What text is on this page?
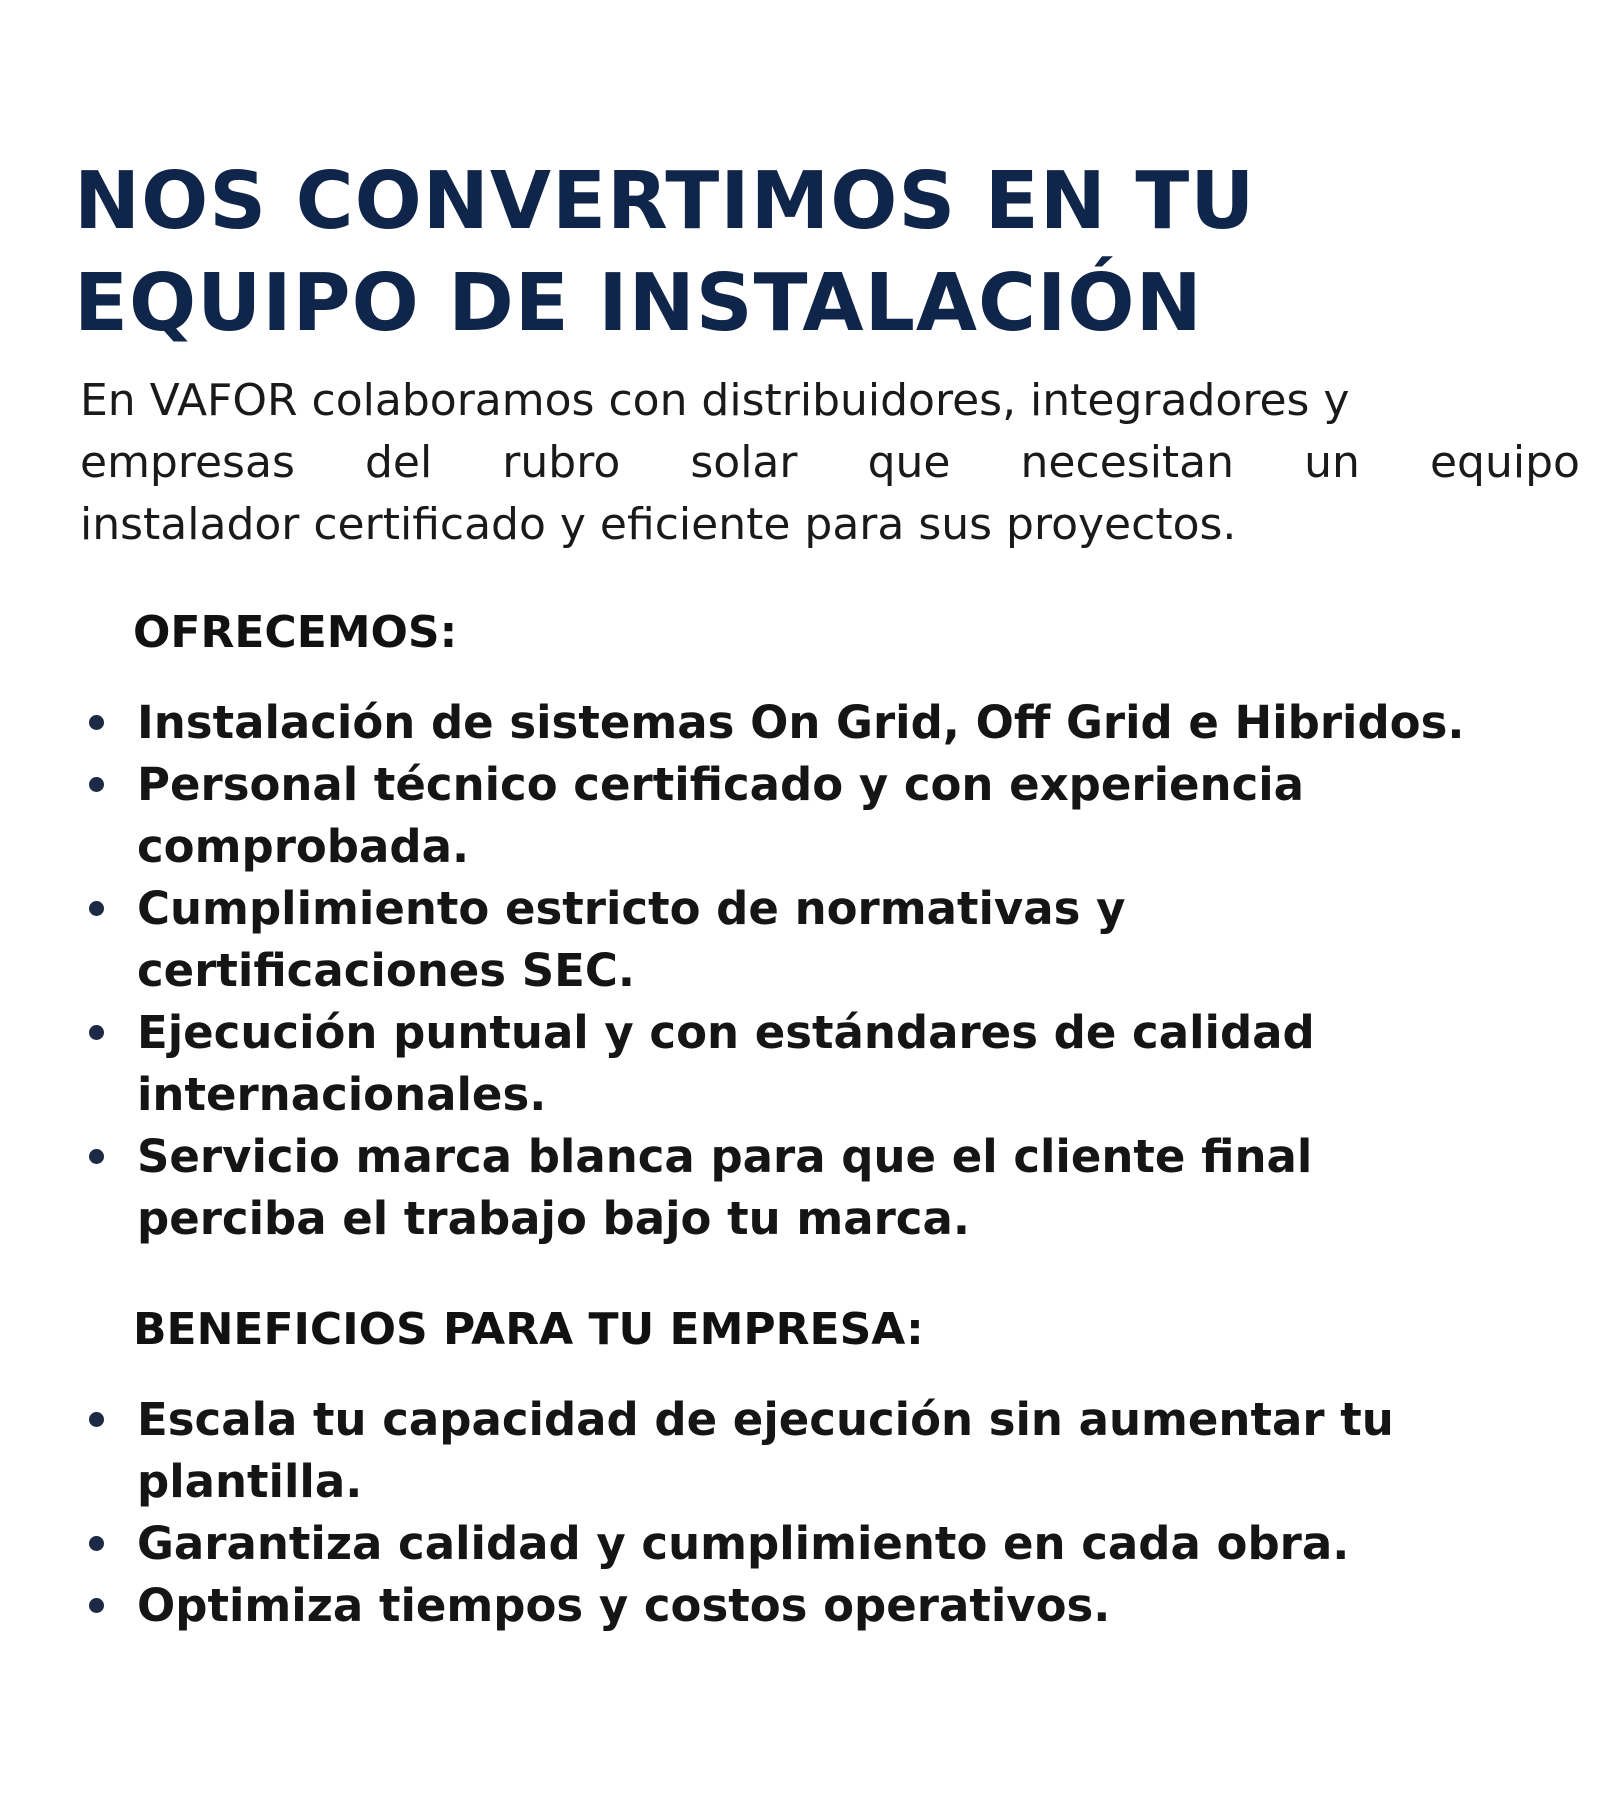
NOS CONVERTIMOS EN TU
EQUIPO DE INSTALACIÓN
En VAFOR colaboramos con distribuidores, integradores y
empresas del rubro solar que necesitan un equipo
instalador certificado y eficiente para sus proyectos.
OFRECEMOS:
Instalación de sistemas On Grid, Off Grid e Hibridos.
Personal técnico certificado y con experiencia
comprobada.
Cumplimiento estricto de normativas y
certificaciones SEC.
Ejecución puntual y con estándares de calidad
internacionales.
Servicio marca blanca para que el cliente final
perciba el trabajo bajo tu marca.
BENEFICIOS PARA TU EMPRESA:
Escala tu capacidad de ejecución sin aumentar tu
plantilla.
Garantiza calidad y cumplimiento en cada obra.
Optimiza tiempos y costos operativos.
